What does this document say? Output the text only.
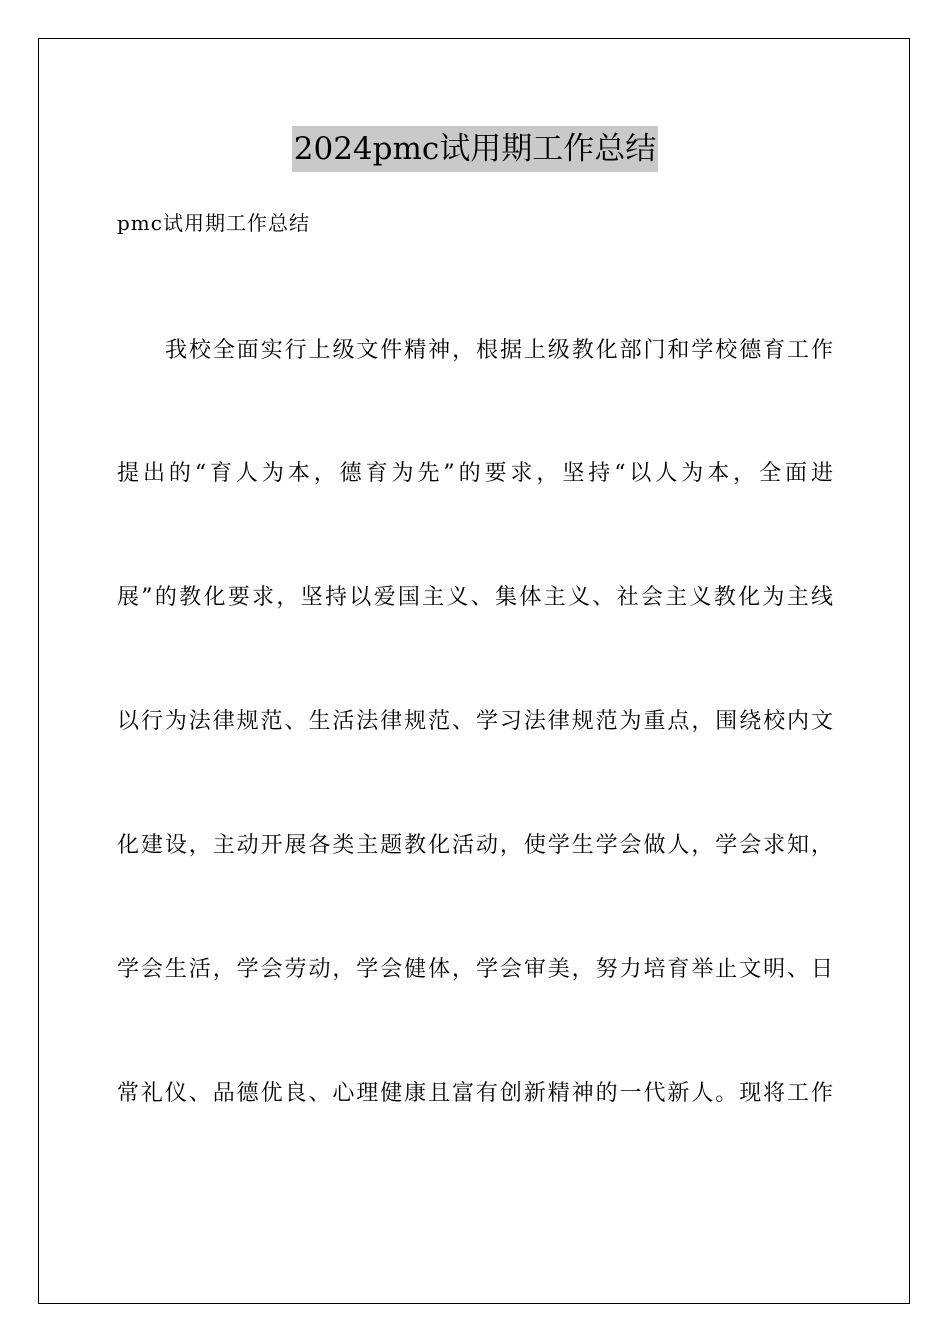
2024pmc试用期工作总结

pmc试用期工作总结

我校全面实行上级文件精神，根据上级教化部门和学校德育工作

提出的“育人为本，德育为先”的要求，坚持“以人为本，全面进

展”的教化要求，坚持以爱国主义、集体主义、社会主义教化为主线

以行为法律规范、生活法律规范、学习法律规范为重点，围绕校内文

化建设，主动开展各类主题教化活动，使学生学会做人，学会求知，

学会生活，学会劳动，学会健体，学会审美，努力培育举止文明、日

常礼仪、品德优良、心理健康且富有创新精神的一代新人。现将工作
